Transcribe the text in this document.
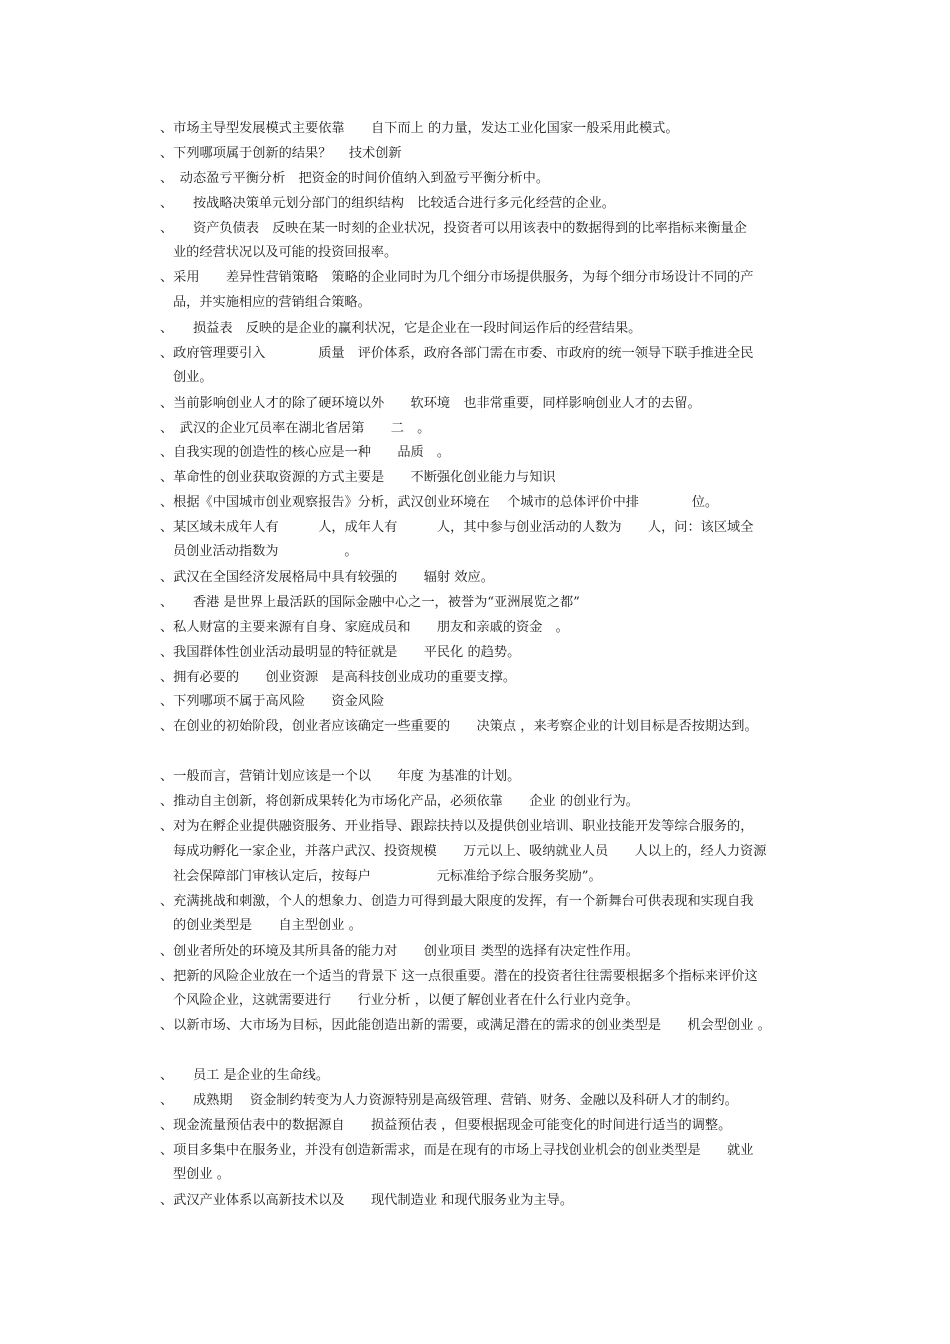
、市场主导型发展模式主要依靠　　自下而上 的力量，发达工业化国家一般采用此模式。
、下列哪项属于创新的结果？　 技术创新
、　动态盈亏平衡分析　把资金的时间价值纳入到盈亏平衡分析中。
、　　按战略决策单元划分部门的组织结构　比较适合进行多元化经营的企业。
、　　资产负债表　反映在某一时刻的企业状况，投资者可以用该表中的数据得到的比率指标来衡量企
业的经营状况以及可能的投资回报率。
、采用　　差异性营销策略　策略的企业同时为几个细分市场提供服务，为每个细分市场设计不同的产
品，并实施相应的营销组合策略。
、　　损益表　反映的是企业的赢利状况，它是企业在一段时间运作后的经营结果。
、政府管理要引入　　　　质量　评价体系，政府各部门需在市委、市政府的统一领导下联手推进全民
创业。
、当前影响创业人才的除了硬环境以外　　软环境　也非常重要，同样影响创业人才的去留。
、　武汉的企业冗员率在湖北省居第　　二　。
、自我实现的创造性的核心应是一种　　品质　。
、革命性的创业获取资源的方式主要是　　不断强化创业能力与知识
、根据《中国城市创业观察报告》分析，武汉创业环境在　 个城市的总体评价中排　　　　位。
、某区域未成年人有　　　人，成年人有　　　人，其中参与创业活动的人数为　　人，问：该区域全
员创业活动指数为　　　　　。
、武汉在全国经济发展格局中具有较强的　　辐射 效应。
、　　香港 是世界上最活跃的国际金融中心之一，被誉为“亚洲展览之都”
、私人财富的主要来源有自身、家庭成员和　　朋友和亲戚的资金　。
、我国群体性创业活动最明显的特征就是　　平民化 的趋势。
、拥有必要的　　创业资源　是高科技创业成功的重要支撑。
、下列哪项不属于高风险　　资金风险
、在创业的初始阶段，创业者应该确定一些重要的　　决策点 ，来考察企业的计划目标是否按期达到。
、一般而言，营销计划应该是一个以　　年度 为基准的计划。
、推动自主创新，将创新成果转化为市场化产品，必须依靠　　企业 的创业行为。
、对为在孵企业提供融资服务、开业指导、跟踪扶持以及提供创业培训、职业技能开发等综合服务的，
每成功孵化一家企业，并落户武汉、投资规模　　万元以上、吸纳就业人员　　人以上的，经人力资源
社会保障部门审核认定后，按每户　　　　　元标准给予综合服务奖励”。
、充满挑战和刺激，个人的想象力、创造力可得到最大限度的发挥，有一个新舞台可供表现和实现自我
的创业类型是　　自主型创业 。
、创业者所处的环境及其所具备的能力对　　创业项目 类型的选择有决定性作用。
、把新的风险企业放在一个适当的背景下 这一点很重要。潜在的投资者往往需要根据多个指标来评价这
个风险企业，这就需要进行　　行业分析 ，以便了解创业者在什么行业内竞争。
、以新市场、大市场为目标，因此能创造出新的需要，或满足潜在的需求的创业类型是　　机会型创业 。
、　　员工 是企业的生命线。
、　　成熟期　 资金制约转变为人力资源特别是高级管理、营销、财务、金融以及科研人才的制约。
、现金流量预估表中的数据源自　　损益预估表 ，但要根据现金可能变化的时间进行适当的调整。
、项目多集中在服务业，并没有创造新需求，而是在现有的市场上寻找创业机会的创业类型是　　就业
型创业 。
、武汉产业体系以高新技术以及　　现代制造业 和现代服务业为主导。
